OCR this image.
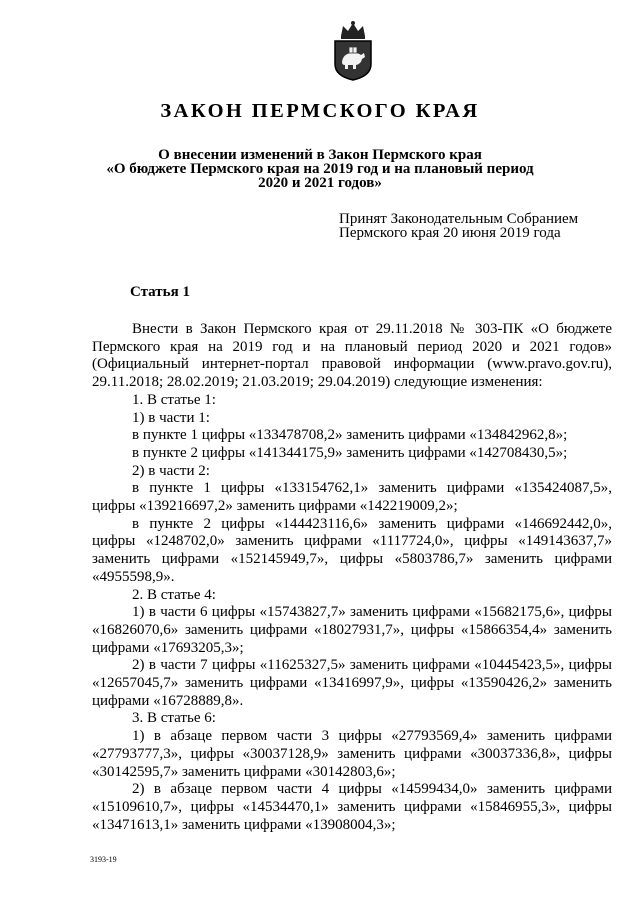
ЗАКОН ПЕРМСКОГО КРАЯ
О внесении изменений в Закон Пермского края
«О бюджете Пермского края на 2019 год и на плановый период
2020 и 2021 годов»
Принят Законодательным Собранием
Пермского края 20 июня 2019 года
Статья 1

Внести в Закон Пермского края от 29.11.2018 № 303-ПК «О бюджете Пермского края на 2019 год и на плановый период 2020 и 2021 годов» (Официальный интернет-портал правовой информации (www.pravo.gov.ru), 29.11.2018; 28.02.2019; 21.03.2019; 29.04.2019) следующие изменения:

1. В статье 1:

1) в части 1:

в пункте 1 цифры «133478708,2» заменить цифрами «134842962,8»;

в пункте 2 цифры «141344175,9» заменить цифрами «142708430,5»;

2) в части 2:

в пункте 1 цифры «133154762,1» заменить цифрами «135424087,5», цифры «139216697,2» заменить цифрами «142219009,2»;

в пункте 2 цифры «144423116,6» заменить цифрами «146692442,0», цифры «1248702,0» заменить цифрами «1117724,0», цифры «149143637,7» заменить цифрами «152145949,7», цифры «5803786,7» заменить цифрами «4955598,9».

2. В статье 4:

1) в части 6 цифры «15743827,7» заменить цифрами «15682175,6», цифры «16826070,6» заменить цифрами «18027931,7», цифры «15866354,4» заменить цифрами «17693205,3»;

2) в части 7 цифры «11625327,5» заменить цифрами «10445423,5», цифры «12657045,7» заменить цифрами «13416997,9», цифры «13590426,2» заменить цифрами «16728889,8».

3. В статье 6:

1) в абзаце первом части 3 цифры «27793569,4» заменить цифрами «27793777,3», цифры «30037128,9» заменить цифрами «30037336,8», цифры «30142595,7» заменить цифрами «30142803,6»;

2) в абзаце первом части 4 цифры «14599434,0» заменить цифрами «15109610,7», цифры «14534470,1» заменить цифрами «15846955,3», цифры «13471613,1» заменить цифрами «13908004,3»;

3193-19
